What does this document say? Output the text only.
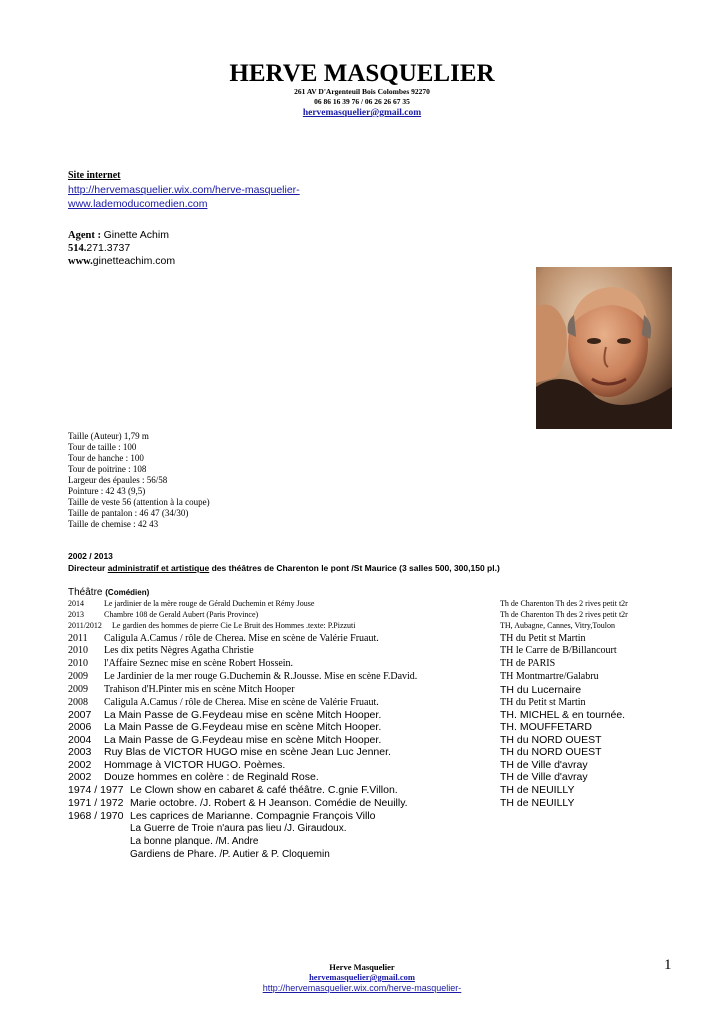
HERVE MASQUELIER
261 AV D'Argenteuil Bois Colombes 92270
06 86 16 39 76 / 06 26 26 67 35
hervemasquelier@gmail.com
Site internet
http://hervemasquelier.wix.com/herve-masquelier-
www.lademoducomedien.com
Agent : Ginette Achim
514.271.3737
www.ginetteachim.com
Taille (Auteur) 1,79 m
Tour de taille : 100
Tour de hanche : 100
Tour de poitrine : 108
Largeur des épaules : 56/58
Pointure : 42 43 (9,5)
Taille de veste 56 (attention à la coupe)
Taille de pantalon : 46 47 (34/30)
Taille de chemise : 42 43
2002 / 2013
Directeur administratif et artistique des théâtres de Charenton le pont /St Maurice (3 salles 500, 300,150 pl.)
Théâtre (Comédien)
2014	Le jardinier de la mère rouge de Gérald Duchemin et Rémy Jouse	Th de Charenton Th des 2 rives petit t2r
2013	Chambre 108 de Gerald Aubert (Paris Province)	Th de Charenton Th des 2 rives petit t2r
2011/2012 Le gardien des hommes de pierre Cie Le Bruit des Hommes .texte: P.Pizzuti	TH, Aubagne, Cannes, Vitry,Toulon
2011 Caligula A.Camus / rôle de Cherea. Mise en scène de Valérie Fruaut.	TH du Petit st Martin
2010 Les dix petits Nègres Agatha Christie	TH le Carre de B/Billancourt
2010 l'Affaire Seznec mise en scène Robert Hossein.	TH de PARIS
2009 Le Jardinier de la mer rouge G.Duchemin & R.Jousse. Mise en scène F.David.	TH Montmartre/Galabru
2009 Trahison d'H.Pinter mis en scène Mitch Hooper	TH du Lucernaire
2008 Caligula A.Camus / rôle de Cherea. Mise en scène de Valérie Fruaut.	TH du Petit st Martin
2007 La Main Passe de G.Feydeau mise en scène Mitch Hooper.	TH. MICHEL & en tournée.
2006 La Main Passe de G.Feydeau mise en scène Mitch Hooper.	TH. MOUFFETARD
2004 La Main Passe de G.Feydeau mise en scène Mitch Hooper.	TH du NORD OUEST
2003 Ruy Blas de VICTOR HUGO mise en scène Jean Luc Jenner.	TH du NORD OUEST
2002 Hommage à VICTOR HUGO. Poèmes.	TH de Ville d'avray
2002 Douze hommes en colère : de Reginald Rose.	TH de Ville d'avray
1974 / 1977 Le Clown show en cabaret & café théâtre. C.gnie F.Villon.	TH de NEUILLY
1971 / 1972 Marie octobre. /J. Robert & H Jeanson. Comédie de Neuilly.	TH de NEUILLY
1968 / 1970 Les caprices de Marianne. Compagnie François Villo
La Guerre de Troie n'aura pas lieu /J. Giraudoux.
La bonne planque. /M. Andre
Gardiens de Phare. /P. Autier & P. Cloquemin
Herve Masquelier
hervemasquelier@gmail.com
http://hervemasquelier.wix.com/herve-masquelier-
1
